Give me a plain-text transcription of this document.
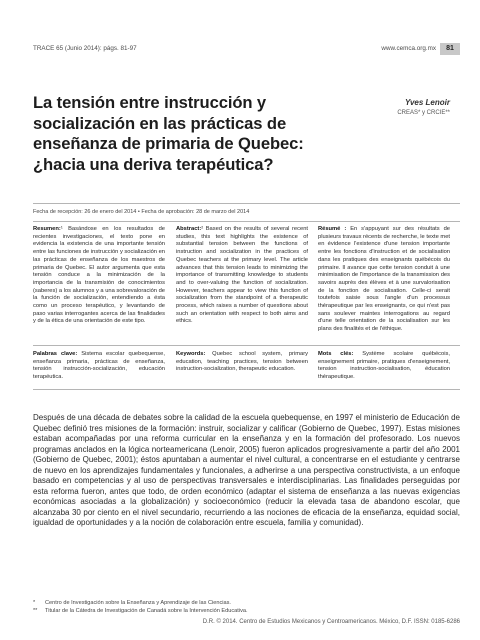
TRACE 65 (Junio 2014): págs. 81-97	www.cemca.org.mx	81
La tensión entre instrucción y
socialización en las prácticas de
enseñanza de primaria de Quebec:
¿hacia una deriva terapéutica?
Yves Lenoir
CREAS* y CRCIE**
Fecha de recepción: 26 de enero del 2014 • Fecha de aprobación: 28 de marzo del 2014
Resumen:¹ Basándose en los resultados de recientes investigaciones, el texto pone en evidencia la existencia de una importante tensión entre las funciones de instrucción y socialización en las prácticas de enseñanza de los maestros de primaria de Quebec. El autor argumenta que esta tensión conduce a la minimización de la importancia de la transmisión de conocimientos (saberes) a los alumnos y a una sobrevaloración de la función de socialización, entendiendo a ésta como un proceso terapéutico, y levantando de paso varias interrogantes acerca de las finalidades y de la ética de una orientación de este tipo.
Abstract:² Based on the results of several recent studies, this text highlights the existence of substantial tension between the functions of instruction and socialization in the practices of Quebec teachers at the primary level. The article advances that this tension leads to minimizing the importance of transmitting knowledge to students and to over-valuing the function of socialization. However, teachers appear to view this function of socialization from the standpoint of a therapeutic process, which raises a number of questions about such an orientation with respect to both aims and ethics.
Résumé : En s'appuyant sur des résultats de plusieurs travaux récents de recherche, le texte met en évidence l'existence d'une tension importante entre les fonctions d'instruction et de socialisation dans les pratiques des enseignants québécois du primaire. Il avance que cette tension conduit à une minimisation de l'importance de la transmission des savoirs auprès des élèves et à une survalorisation de la fonction de socialisation. Celle-ci serait toutefois saisie sous l'angle d'un processus thérapeutique par les enseignants, ce qui n'est pas sans soulever maintes interrogations au regard d'une telle orientation de la socialisation sur les plans des finalités et de l'éthique.
Palabras clave: Sistema escolar quebequense, enseñanza primaria, prácticas de enseñanza, tensión instrucción-socialización, educación terapéutica.
Keywords: Quebec school system, primary education, teaching practices, tension between instruction-socialization, therapeutic education.
Mots clés: Système scolaire québécois, enseignement primaire, pratiques d'enseignement, tension instruction-socialisation, éducation thérapeutique.

Después de una década de debates sobre la calidad de la escuela quebequense, en 1997 el ministerio de Educación de Quebec definió tres misiones de la formación: instruir, socializar y calificar (Gobierno de Quebec, 1997). Estas misiones estaban acompañadas por una reforma curricular en la enseñanza y en la formación del profesorado. Los nuevos programas anclados en la lógica norteamericana (Lenoir, 2005) fueron aplicados progresivamente a partir del año 2001 (Gobierno de Quebec, 2001); éstos apuntaban a aumentar el nivel cultural, a concentrarse en el estudiante y centrarse de nuevo en los aprendizajes fundamentales y funcionales, a adherirse a una perspectiva constructivista, a un enfoque basado en competencias y al uso de perspectivas transversales e interdisciplinarias. Las finalidades perseguidas por esta reforma fueron, antes que todo, de orden económico (adaptar el sistema de enseñanza a las nuevas exigencias económicas asociadas a la globalización) y socioeconómico (reducir la elevada tasa de abandono escolar, que alcanzaba 30 por ciento en el nivel secundario, recurriendo a las nociones de eficacia de la enseñanza, equidad social, igualdad de oportunidades y a la noción de colaboración entre escuela, familia y comunidad).

*	Centro de Investigación sobre la Enseñanza y Aprendizaje de las Ciencias.
**	Titular de la Cátedra de Investigación de Canadá sobre la Intervención Educativa.
D.R. © 2014. Centro de Estudios Mexicanos y Centroamericanos. México, D.F. ISSN: 0185-6286
